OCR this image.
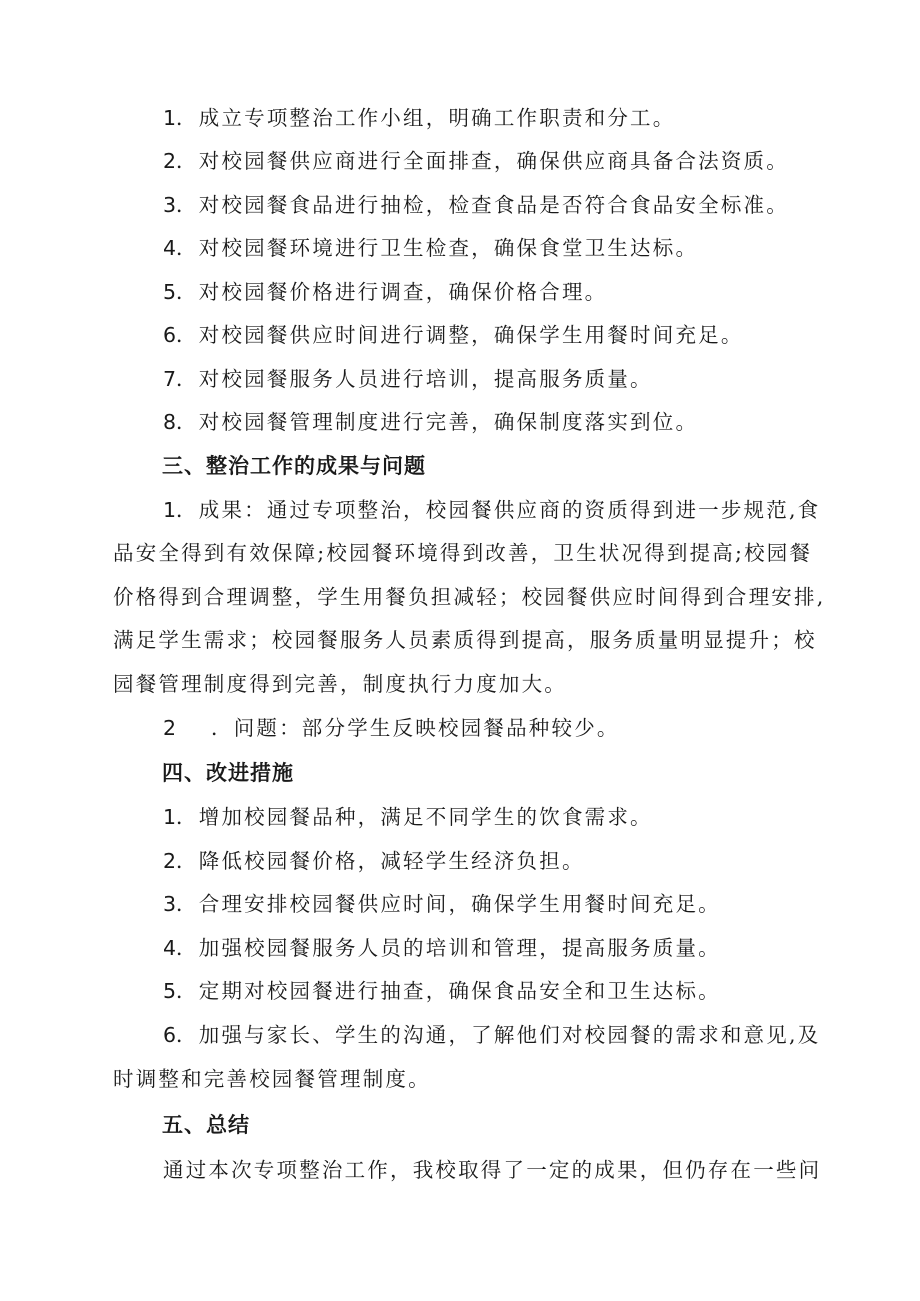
1．成立专项整治工作小组，明确工作职责和分工。
2．对校园餐供应商进行全面排查，确保供应商具备合法资质。
3．对校园餐食品进行抽检，检查食品是否符合食品安全标准。
4．对校园餐环境进行卫生检查，确保食堂卫生达标。
5．对校园餐价格进行调查，确保价格合理。
6．对校园餐供应时间进行调整，确保学生用餐时间充足。
7．对校园餐服务人员进行培训，提高服务质量。
8．对校园餐管理制度进行完善，确保制度落实到位。
三、整治工作的成果与问题
1．成果：通过专项整治，校园餐供应商的资质得到进一步规范,食
品安全得到有效保障;校园餐环境得到改善，卫生状况得到提高;校园餐
价格得到合理调整，学生用餐负担减轻；校园餐供应时间得到合理安排,
满足学生需求；校园餐服务人员素质得到提高，服务质量明显提升；校
园餐管理制度得到完善，制度执行力度加大。
2 ．问题：部分学生反映校园餐品种较少。
四、改进措施
1．增加校园餐品种，满足不同学生的饮食需求。
2．降低校园餐价格，减轻学生经济负担。
3．合理安排校园餐供应时间，确保学生用餐时间充足。
4．加强校园餐服务人员的培训和管理，提高服务质量。
5．定期对校园餐进行抽查，确保食品安全和卫生达标。
6．加强与家长、学生的沟通，了解他们对校园餐的需求和意见,及
时调整和完善校园餐管理制度。
五、总结
通过本次专项整治工作，我校取得了一定的成果，但仍存在一些问
